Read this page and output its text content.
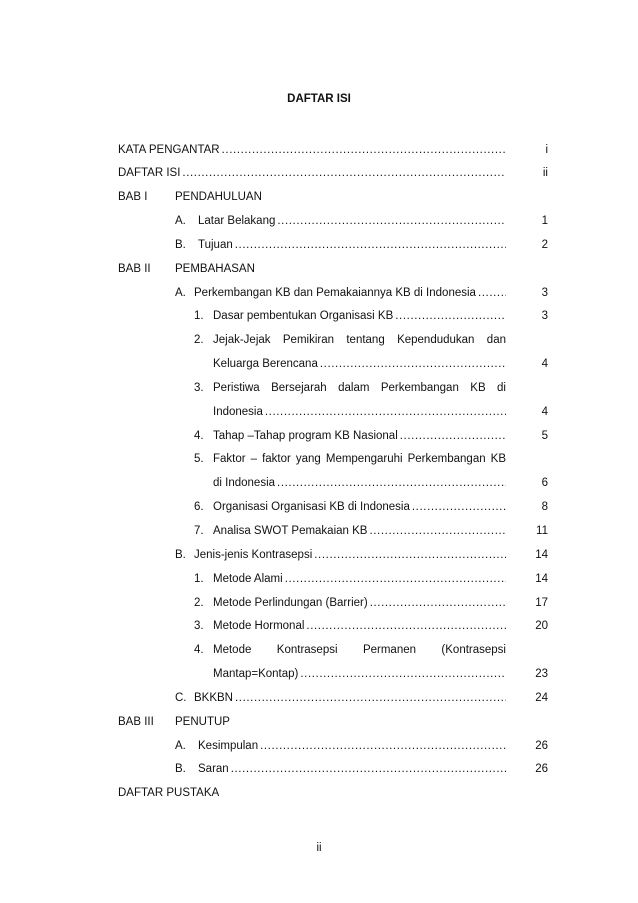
DAFTAR ISI
KATA PENGANTAR .....	i
DAFTAR ISI .....	ii
BAB I PENDAHULUAN
A. Latar Belakang .....	1
B. Tujuan .....	2
BAB II PEMBAHASAN
A. Perkembangan KB dan Pemakaiannya KB di Indonesia .....	3
1. Dasar pembentukan Organisasi KB .....	3
2. Jejak-Jejak Pemikiran tentang Kependudukan dan
Keluarga Berencana .....	4
3. Peristiwa Bersejarah dalam Perkembangan KB di
Indonesia .....	4
4. Tahap –Tahap program KB Nasional .....	5
5. Faktor – faktor yang Mempengaruhi Perkembangan KB
di Indonesia .....	6
6. Organisasi Organisasi KB di Indonesia .....	8
7. Analisa SWOT Pemakaian KB .....	11
B. Jenis-jenis Kontrasepsi .....	14
1. Metode Alami .....	14
2. Metode Perlindungan (Barrier) .....	17
3. Metode Hormonal .....	20
4. Metode Kontrasepsi Permanen (Kontrasepsi
Mantap=Kontap) .....	23
C. BKKBN .....	24
BAB III PENUTUP
A. Kesimpulan .....	26
B. Saran .....	26
DAFTAR PUSTAKA
ii
